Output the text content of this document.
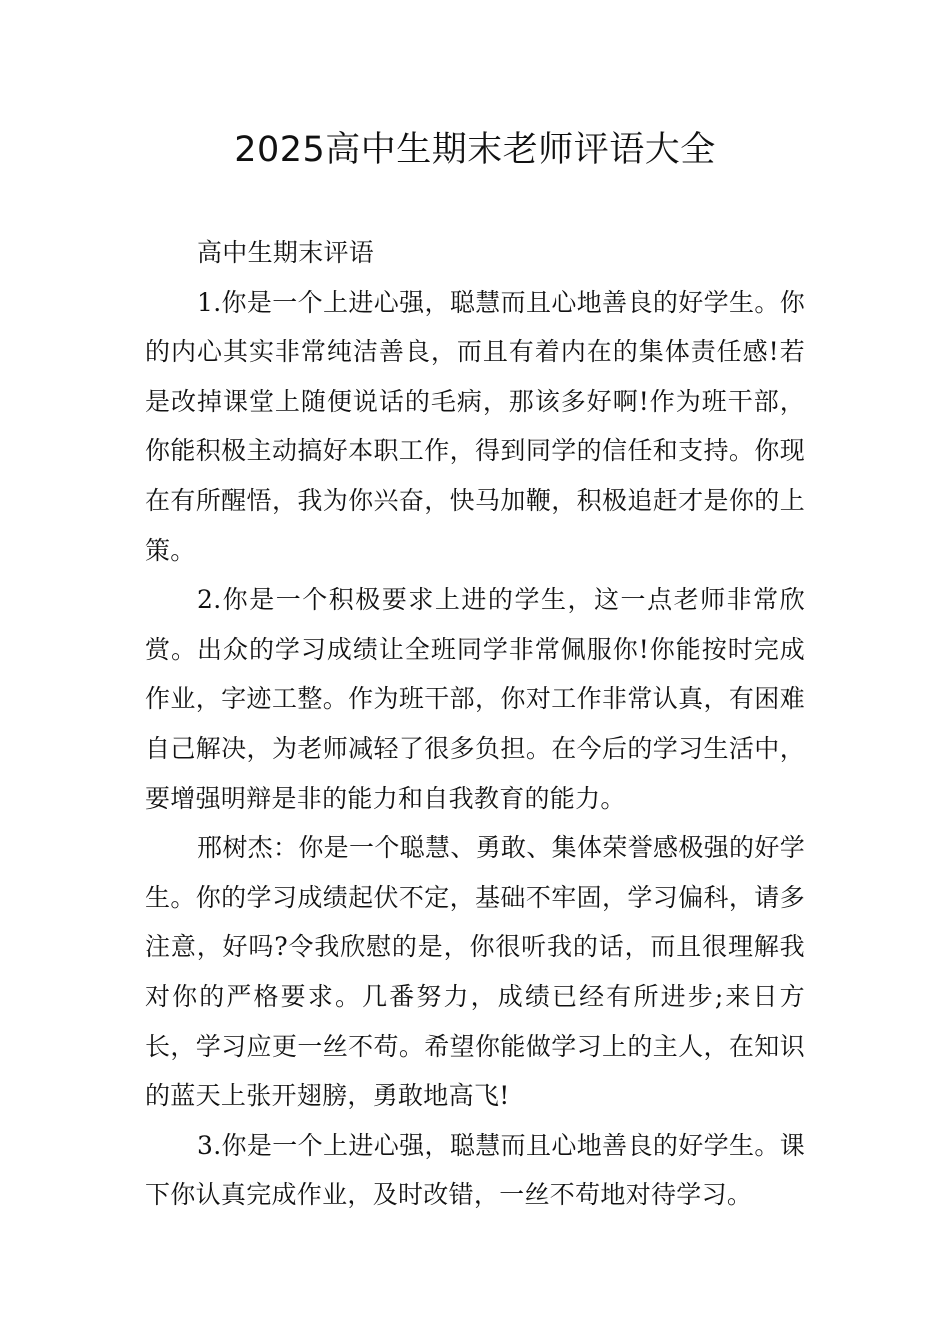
2025高中生期末老师评语大全

高中生期末评语

1.你是一个上进心强，聪慧而且心地善良的好学生。你的内心其实非常纯洁善良，而且有着内在的集体责任感!若是改掉课堂上随便说话的毛病，那该多好啊!作为班干部，你能积极主动搞好本职工作，得到同学的信任和支持。你现在有所醒悟，我为你兴奋，快马加鞭，积极追赶才是你的上策。

2.你是一个积极要求上进的学生，这一点老师非常欣赏。出众的学习成绩让全班同学非常佩服你!你能按时完成作业，字迹工整。作为班干部，你对工作非常认真，有困难自己解决，为老师减轻了很多负担。在今后的学习生活中，要增强明辩是非的能力和自我教育的能力。

邢树杰：你是一个聪慧、勇敢、集体荣誉感极强的好学生。你的学习成绩起伏不定，基础不牢固，学习偏科，请多注意，好吗?令我欣慰的是，你很听我的话，而且很理解我对你的严格要求。几番努力，成绩已经有所进步;来日方长，学习应更一丝不苟。希望你能做学习上的主人，在知识的蓝天上张开翅膀，勇敢地高飞!

3.你是一个上进心强，聪慧而且心地善良的好学生。课下你认真完成作业，及时改错，一丝不苟地对待学习。
